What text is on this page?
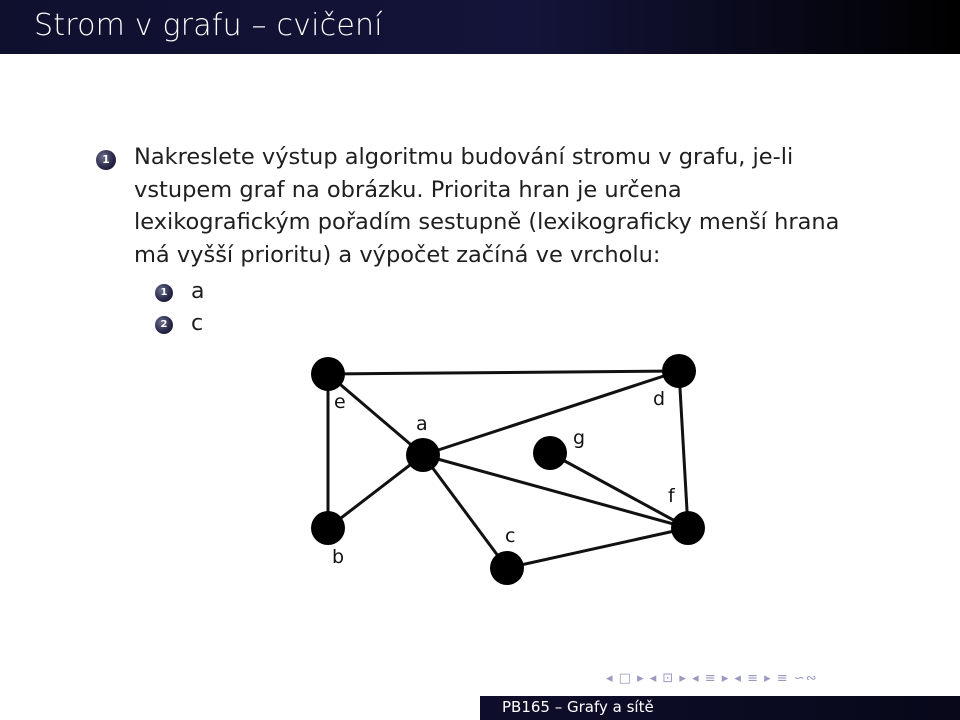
Strom v grafu – cvičení
1 Nakreslete výstup algoritmu budování stromu v grafu, je-li
vstupem graf na obrázku. Priorita hran je určena
lexikografickým pořadím sestupně (lexikograficky menší hrana
má vyšší prioritu) a výpočet začíná ve vrcholu:
1 a
2 c
e	d
a
g
b
c
f
◂ □ ▸ ◂ ⊡ ▸ ◂ ≡ ▸ ◂ ≡ ▸ ≡ ∽∾
PB165 – Grafy a sítě
